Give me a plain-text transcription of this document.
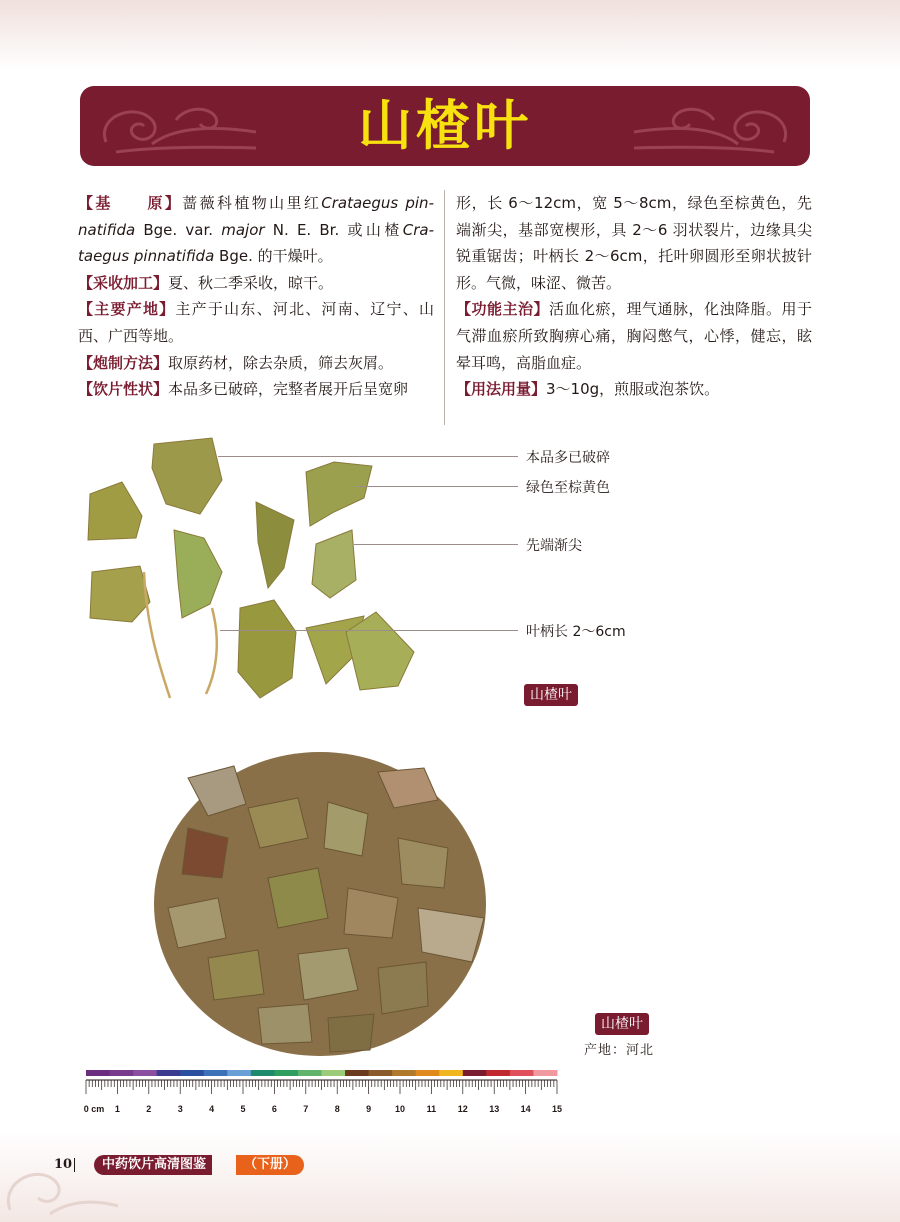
山楂叶

【基　　原】蔷薇科植物山里红Crataegus pin-natifida Bge. var. major N. E. Br. 或山楂Cra-taegus pinnatifida Bge. 的干燥叶。

【采收加工】夏、秋二季采收，晾干。

【主要产地】主产于山东、河北、河南、辽宁、山西、广西等地。

【炮制方法】取原药材，除去杂质，筛去灰屑。

【饮片性状】本品多已破碎，完整者展开后呈宽卵

形，长 6～12cm，宽 5～8cm，绿色至棕黄色，先端渐尖，基部宽楔形，具 2～6 羽状裂片，边缘具尖锐重锯齿；叶柄长 2～6cm，托叶卵圆形至卵状披针形。气微，味涩、微苦。

【功能主治】活血化瘀，理气通脉，化浊降脂。用于气滞血瘀所致胸痹心痛，胸闷憋气，心悸，健忘，眩晕耳鸣，高脂血症。

【用法用量】3～10g，煎服或泡茶饮。

本品多已破碎
绿色至棕黄色
先端渐尖
叶柄长 2～6cm
山楂叶
山楂叶
产地：河北
0 cm 1	2	3	4	5	6	7	8	9	10 11 12 13 14 15
10	中药饮片高清图鉴	（下册）
